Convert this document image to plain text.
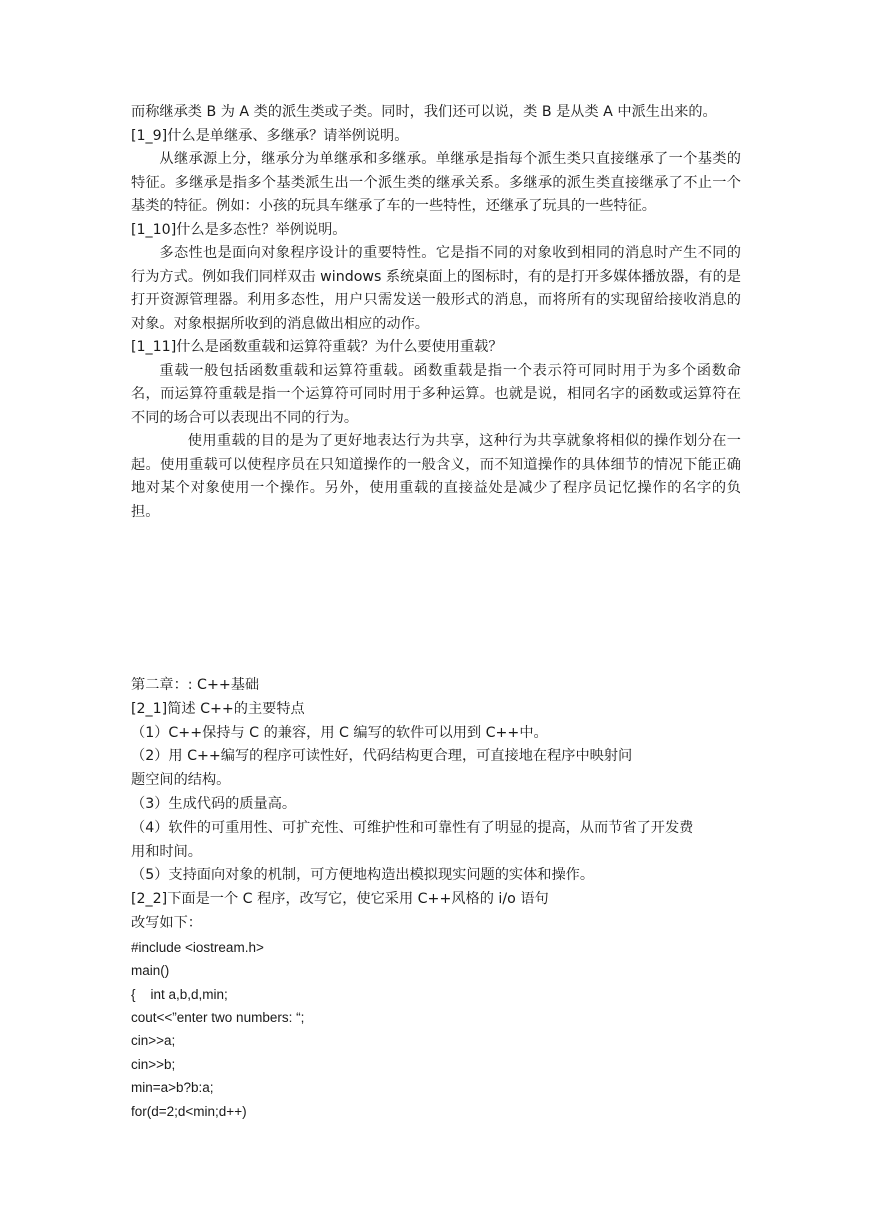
而称继承类 B 为 A 类的派生类或子类。同时，我们还可以说，类 B 是从类 A 中派生出来的。
[1_9]什么是单继承、多继承？请举例说明。

从继承源上分，继承分为单继承和多继承。单继承是指每个派生类只直接继承了一个基类的特征。多继承是指多个基类派生出一个派生类的继承关系。多继承的派生类直接继承了不止一个基类的特征。例如：小孩的玩具车继承了车的一些特性，还继承了玩具的一些特征。

[1_10]什么是多态性？举例说明。

多态性也是面向对象程序设计的重要特性。它是指不同的对象收到相同的消息时产生不同的行为方式。例如我们同样双击 windows 系统桌面上的图标时，有的是打开多媒体播放器，有的是打开资源管理器。利用多态性，用户只需发送一般形式的消息，而将所有的实现留给接收消息的对象。对象根据所收到的消息做出相应的动作。

[1_11]什么是函数重载和运算符重载？为什么要使用重载？

重载一般包括函数重载和运算符重载。函数重载是指一个表示符可同时用于为多个函数命名，而运算符重载是指一个运算符可同时用于多种运算。也就是说，相同名字的函数或运算符在不同的场合可以表现出不同的行为。

使用重载的目的是为了更好地表达行为共享，这种行为共享就象将相似的操作划分在一起。使用重载可以使程序员在只知道操作的一般含义，而不知道操作的具体细节的情况下能正确地对某个对象使用一个操作。另外，使用重载的直接益处是减少了程序员记忆操作的名字的负担。

第二章：: C++基础
[2_1]简述 C++的主要特点
（1）C++保持与 C 的兼容，用 C 编写的软件可以用到 C++中。
（2）用 C++编写的程序可读性好，代码结构更合理，可直接地在程序中映射问
题空间的结构。
（3）生成代码的质量高。
（4）软件的可重用性、可扩充性、可维护性和可靠性有了明显的提高，从而节省了开发费
用和时间。
（5）支持面向对象的机制，可方便地构造出模拟现实问题的实体和操作。
[2_2]下面是一个 C 程序，改写它，使它采用 C++风格的 i/o 语句
改写如下：
#include <iostream.h>
main()
{    int a,b,d,min;
cout<<”enter two numbers: “;
cin>>a;
cin>>b;
min=a>b?b:a;
for(d=2;d<min;d++)
